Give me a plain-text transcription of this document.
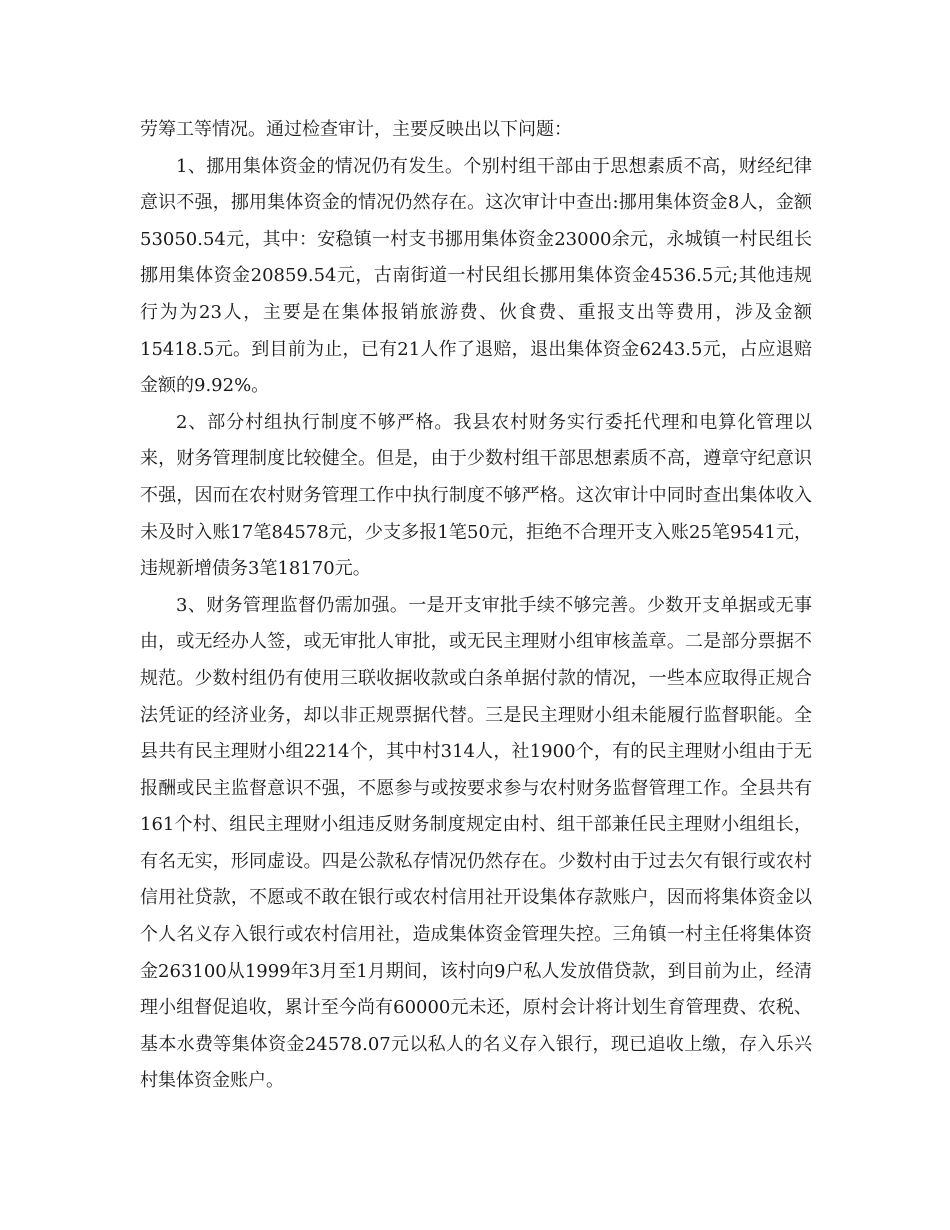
劳筹工等情况。通过检查审计，主要反映出以下问题：

1、挪用集体资金的情况仍有发生。个别村组干部由于思想素质不高，财经纪律意识不强，挪用集体资金的情况仍然存在。这次审计中查出:挪用集体资金8人，金额53050.54元，其中：安稳镇一村支书挪用集体资金23000余元，永城镇一村民组长挪用集体资金20859.54元，古南街道一村民组长挪用集体资金4536.5元;其他违规行为为23人，主要是在集体报销旅游费、伙食费、重报支出等费用，涉及金额15418.5元。到目前为止，已有21人作了退赔，退出集体资金6243.5元，占应退赔金额的9.92%。

2、部分村组执行制度不够严格。我县农村财务实行委托代理和电算化管理以来，财务管理制度比较健全。但是，由于少数村组干部思想素质不高，遵章守纪意识不强，因而在农村财务管理工作中执行制度不够严格。这次审计中同时查出集体收入未及时入账17笔84578元，少支多报1笔50元，拒绝不合理开支入账25笔9541元，违规新增债务3笔18170元。

3、财务管理监督仍需加强。一是开支审批手续不够完善。少数开支单据或无事由，或无经办人签，或无审批人审批，或无民主理财小组审核盖章。二是部分票据不规范。少数村组仍有使用三联收据收款或白条单据付款的情况，一些本应取得正规合法凭证的经济业务，却以非正规票据代替。三是民主理财小组未能履行监督职能。全县共有民主理财小组2214个，其中村314人，社1900个，有的民主理财小组由于无报酬或民主监督意识不强，不愿参与或按要求参与农村财务监督管理工作。全县共有161个村、组民主理财小组违反财务制度规定由村、组干部兼任民主理财小组组长，有名无实，形同虚设。四是公款私存情况仍然存在。少数村由于过去欠有银行或农村信用社贷款，不愿或不敢在银行或农村信用社开设集体存款账户，因而将集体资金以个人名义存入银行或农村信用社，造成集体资金管理失控。三角镇一村主任将集体资金263100从1999年3月至1月期间，该村向9户私人发放借贷款，到目前为止，经清理小组督促追收，累计至今尚有60000元未还，原村会计将计划生育管理费、农税、基本水费等集体资金24578.07元以私人的名义存入银行，现已追收上缴，存入乐兴村集体资金账户。
